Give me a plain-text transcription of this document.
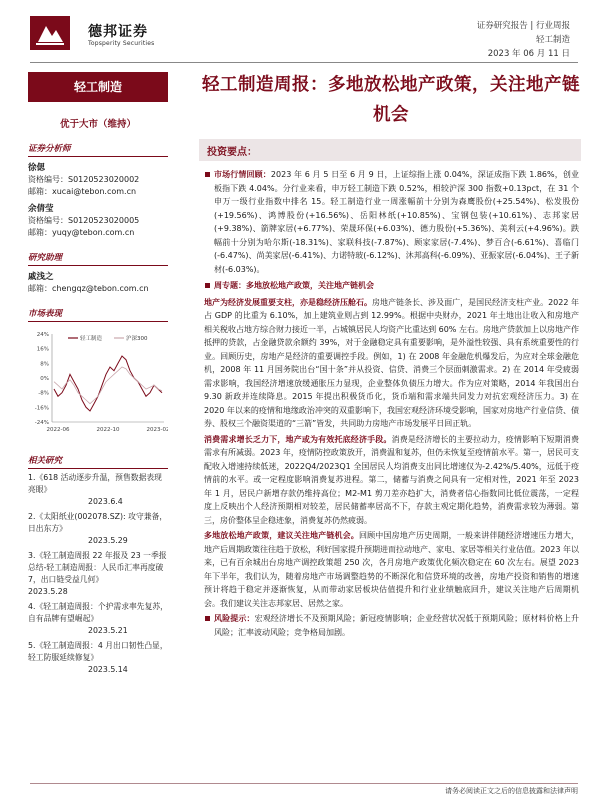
德邦证券
Topsperity Securities
证券研究报告 | 行业周报
轻工制造
2023 年 06 月 11 日
轻工制造
优于大市（维持）
证券分析师
徐偲
资格编号：S0120523020002
邮箱：xucai@tebon.com.cn
余倩莹
资格编号：S0120523020005
邮箱：yuqy@tebon.com.cn
研究助理
戚浅之
邮箱：chengqz@tebon.com.cn
市场表现
24%
16%
8%
0%
-8%
-16%
-24%
2022-06	2022-10	2023-02
轻工制造	沪深300
相关研究
1.《618 活动逐步升温，预售数据表现亮眼》
2023.6.4
2.《太阳纸业(002078.SZ): 攻守兼备，日出东方》
2023.5.29
3.《轻工制造周报 22 年报及 23 一季报总结-轻工制造周报：人民币汇率再度破 7，出口链受益几何》
2023.5.28
4.《轻工制造周报：个护需求率先复苏，自有品牌有望崛起》
2023.5.21
5.《轻工制造周报：4 月出口韧性凸显，轻工防服延续修复》
2023.5.14
轻工制造周报：多地放松地产政策，关注地产链机会
投资要点：
市场行情回顾：2023 年 6 月 5 日至 6 月 9 日，上证综指上涨 0.04%，深证成指下跌 1.86%，创业板指下跌 4.04%。分行业来看，申万轻工制造下跌 0.52%，相较沪深 300 指数+0.13pct，在 31 个申万一级行业指数中排名 15。轻工制造行业一周涨幅前十分别为森鹰股份(+25.54%)、松发股份(+19.56%)、鸿博股份(+16.56%)、岳阳林纸(+10.85%)、宝钢包装(+10.61%)、志邦家居(+9.38%)、箭牌家居(+6.77%)、荣晟环保(+6.03%)、德力股份(+5.36%)、美利云(+4.96%)。跌幅前十分别为哈尔斯(-18.31%)、家联科技(-7.87%)、顾家家居(-7.4%)、梦百合(-6.61%)、喜临门(-6.47%)、尚美家居(-6.41%)、力诺特玻(-6.12%)、沐邦高科(-6.09%)、亚振家居(-6.04%)、王子新材(-6.03%)。
周专题：多地放松地产政策，关注地产链机会
地产为经济发展重要支柱，亦是稳经济压舱石。房地产链条长、涉及面广，是国民经济支柱产业。2022 年占 GDP 的比重为 6.10%，加上建筑业则占到 12.99%。根据中央财办，2021 年土地出让收入和房地产相关税收占地方综合财力接近一半，占城镇居民人均资产比重达到 60% 左右。房地产贷款加上以房地产作抵押的贷款，占金融贷款余额约 39%，对于金融稳定具有重要影响，是外溢性较强、具有系统重要性的行业。回顾历史，房地产是经济的重要调控手段。例如，1) 在 2008 年金融危机爆发后，为应对全球金融危机，2008 年 11 月国务院出台“国十条”并从投资、信贷、消费三个层面刺激需求。2) 在 2014 年受疲弱需求影响，我国经济增速放缓通胀压力显现，企业整体负债压力增大。作为应对策略，2014 年我国出台 9.30 新政并连续降息。2015 年提出积极货币化，货币端和需求端共同发力对抗宏观经济压力。3) 在 2020 年以来的疫情和地缘政治冲突的双重影响下，我国宏观经济环境受影响，国家对房地产行业信贷、债券、股权三个融资渠道的“三箭”皆发，共同助力房地产市场发展平日回正轨。
消费需求增长乏力下，地产或为有效托底经济手段。消费是经济增长的主要拉动力，疫情影响下短期消费需求有所减弱。2023 年，疫情防控政策放开，消费温和复苏，但仍未恢复至疫情前水平。第一，居民可支配收入增速持续低迷，2022Q4/2023Q1 全国居民人均消费支出同比增速仅为-2.42%/5.40%，远低于疫情前的水平。或一定程度影响消费复苏进程。第二，储蓄与消费之间具有一定相对性，2021 年至 2023 年 1 月，居民户新增存款仍维持高位；M2-M1 剪刀差亦趋扩大，消费者信心指数同比低位震荡，一定程度上反映出个人经济预期相对较差，居民储蓄率居高不下，存款主观定期化趋势，消费需求较为薄弱。第三，房价整体呈企稳迹象，消费复苏仍然疲弱。
多地放松地产政策，建议关注地产链机会。回顾中国房地产历史周期，一般来讲伴随经济增速压力增大，地产后周期政策往往趋于放松，利好国家提升预期进而拉动地产、家电、家居等相关行业估值。2023 年以来，已有百余城出台房地产调控政策超 250 次，各月房地产政策优化频次稳定在 60 次左右。展望 2023 年下半年，我们认为，随着房地产市场调整趋势的不断深化和信贷环境的改善，房地产投资和销售的增速预计将趋于稳定并逐渐恢复，从而带动家居板块估值提升和行业业绩触底回升，建议关注地产后周期机会。我们建议关注志邦家居、居然之家。
风险提示：宏观经济增长不及预期风险；新冠疫情影响；企业经营状况低于预期风险；原材料价格上升风险；汇率波动风险；竞争格局加剧。
请务必阅读正文之后的信息披露和法律声明
